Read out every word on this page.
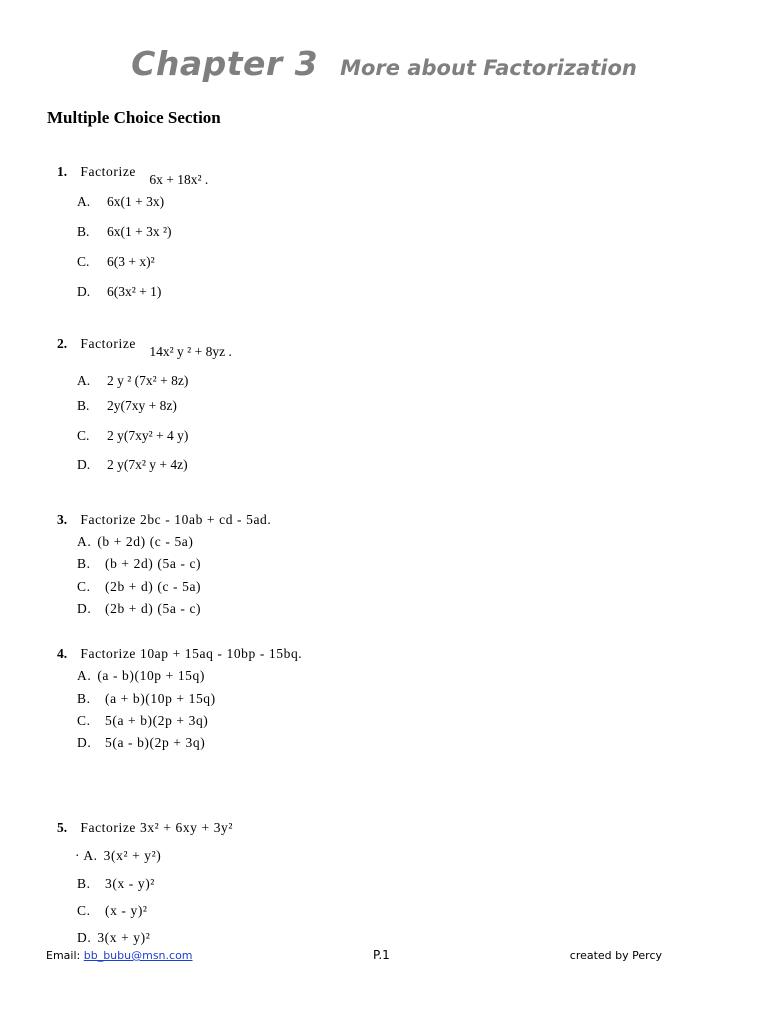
Chapter 3 More about Factorization
Multiple Choice Section
1. Factorize 6x + 18x² .
A. 6x(1 + 3x)
B. 6x(1 + 3x ²)
C. 6(3 + x)²
D. 6(3x² + 1)
2. Factorize 14x² y ² + 8yz .
A. 2 y ² (7x² + 8z)
B. 2y(7xy + 8z)
C. 2 y(7xy² + 4 y)
D. 2 y(7x² y + 4z)
3. Factorize 2bc - 10ab + cd - 5ad.
A. (b + 2d) (c - 5a)
B. (b + 2d) (5a - c)
C. (2b + d) (c - 5a)
D. (2b + d) (5a - c)
4. Factorize 10ap + 15aq - 10bp - 15bq.
A. (a - b)(10p + 15q)
B. (a + b)(10p + 15q)
C. 5(a + b)(2p + 3q)
D. 5(a - b)(2p + 3q)
5. Factorize 3x² + 6xy + 3y²
· A. 3(x² + y²)
B. 3(x - y)²
C. (x - y)²
D. 3(x + y)²
Email: bb_bubu@msn.com	P.1	created by Percy
